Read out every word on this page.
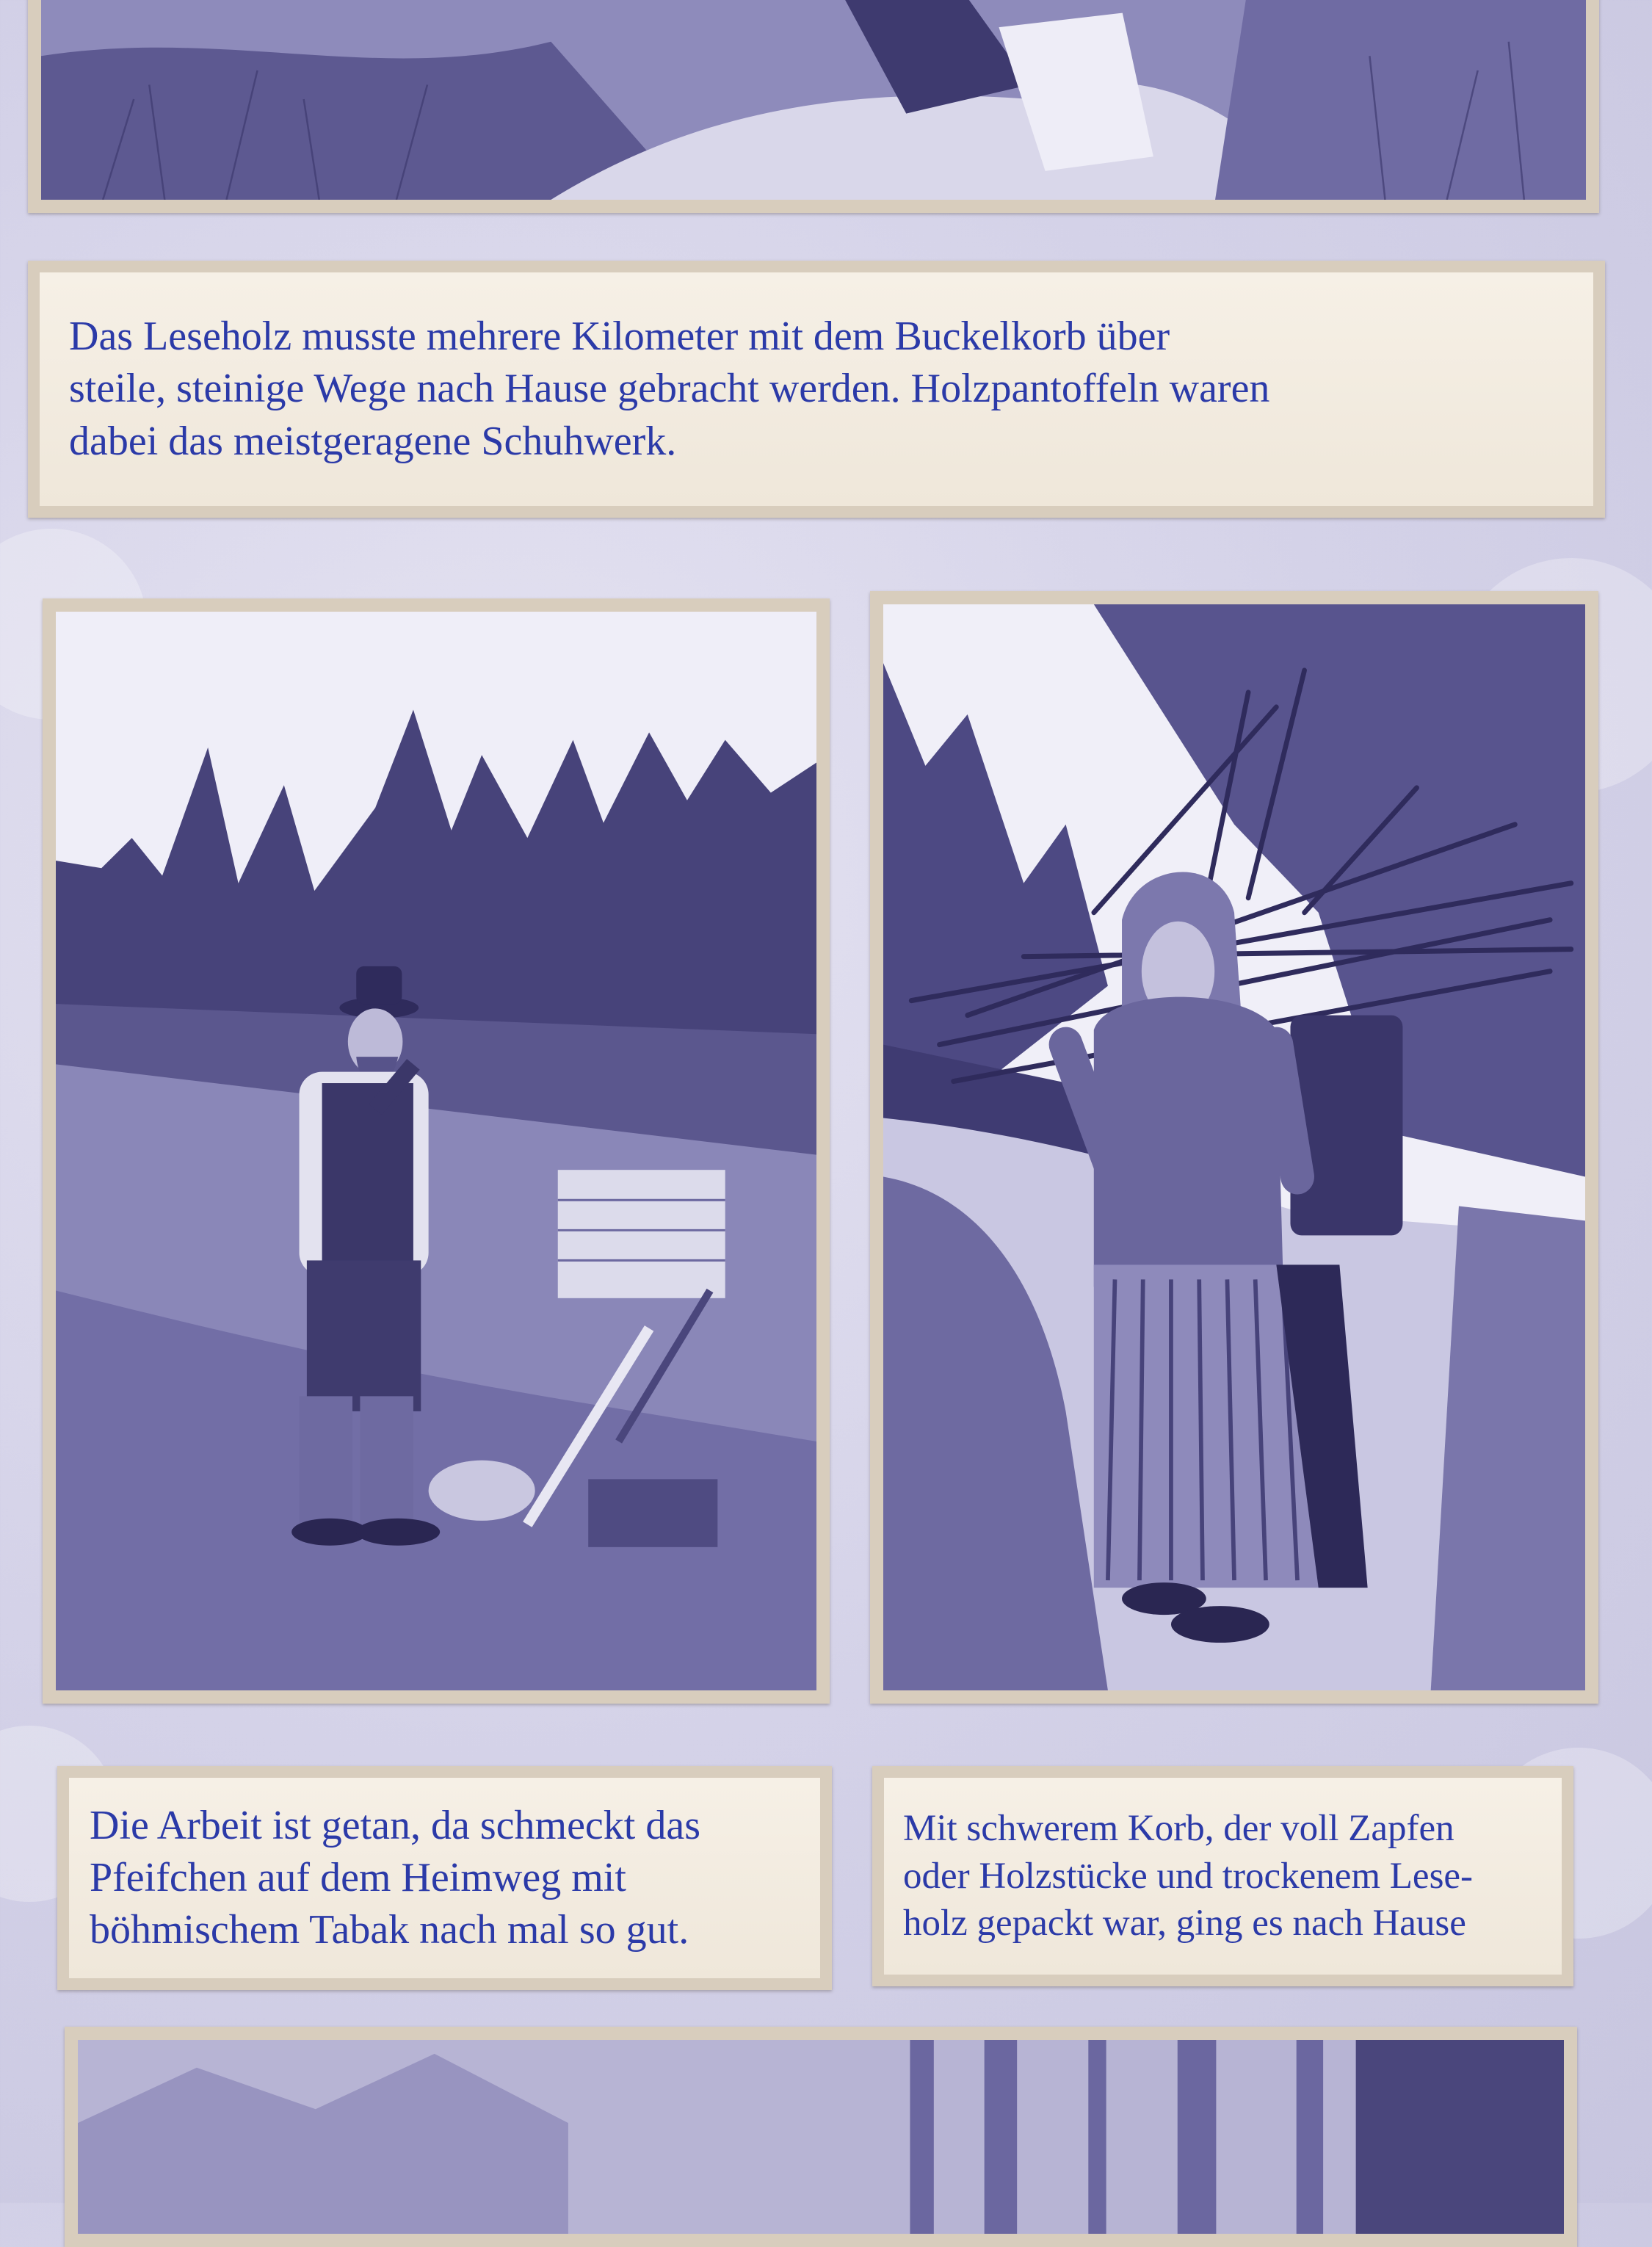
Das Leseholz musste mehrere Kilometer mit dem Buckelkorb über
steile, steinige Wege nach Hause gebracht werden. Holzpantoffeln waren
dabei das meistgeragene Schuhwerk.
Die Arbeit ist getan, da schmeckt das
Pfeifchen auf dem Heimweg mit
böhmischem Tabak nach mal so gut.
Mit schwerem Korb, der voll Zapfen
oder Holzstücke und trockenem Lese-
holz gepackt war, ging es nach Hause
